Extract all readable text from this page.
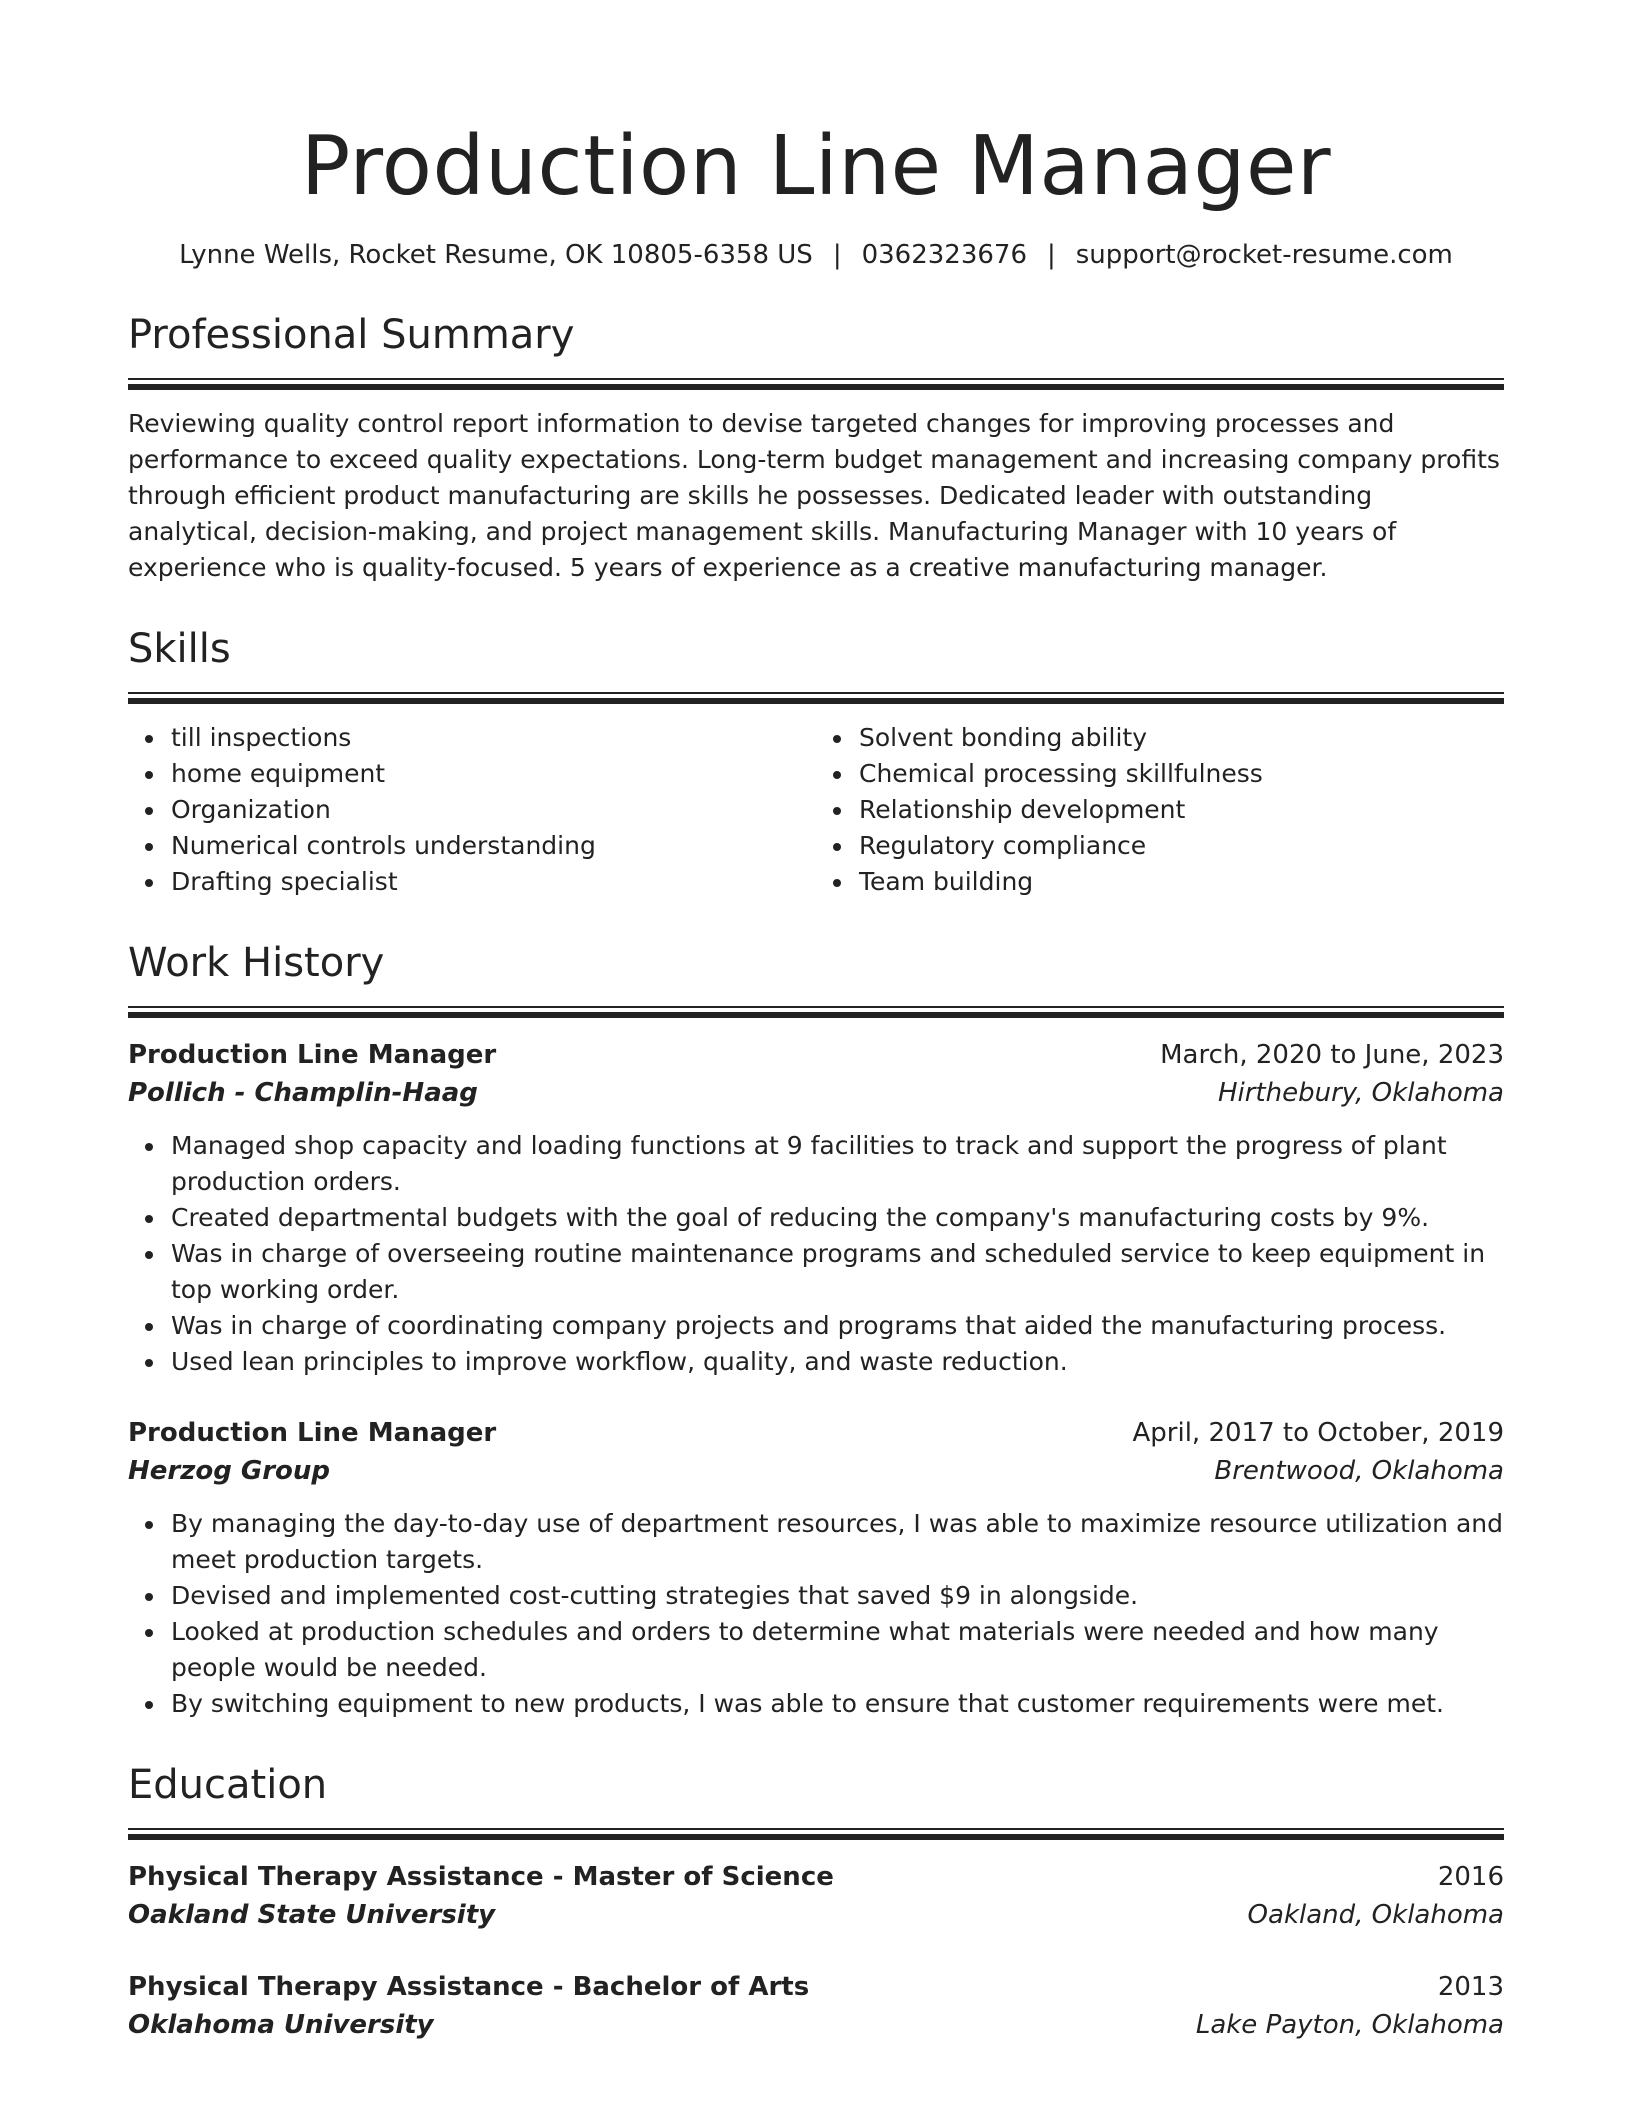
Production Line Manager
Lynne Wells, Rocket Resume, OK 10805-6358 US | 0362323676 | support@rocket-resume.com
Professional Summary
Reviewing quality control report information to devise targeted changes for improving processes and performance to exceed quality expectations. Long-term budget management and increasing company profits through efficient product manufacturing are skills he possesses. Dedicated leader with outstanding analytical, decision-making, and project management skills. Manufacturing Manager with 10 years of experience who is quality-focused. 5 years of experience as a creative manufacturing manager.
Skills
till inspections
home equipment
Organization
Numerical controls understanding
Drafting specialist
Solvent bonding ability
Chemical processing skillfulness
Relationship development
Regulatory compliance
Team building
Work History
Production Line Manager	March, 2020 to June, 2023
Pollich - Champlin-Haag	Hirthebury, Oklahoma
Managed shop capacity and loading functions at 9 facilities to track and support the progress of plant production orders.
Created departmental budgets with the goal of reducing the company's manufacturing costs by 9%.
Was in charge of overseeing routine maintenance programs and scheduled service to keep equipment in top working order.
Was in charge of coordinating company projects and programs that aided the manufacturing process.
Used lean principles to improve workflow, quality, and waste reduction.
Production Line Manager	April, 2017 to October, 2019
Herzog Group	Brentwood, Oklahoma
By managing the day-to-day use of department resources, I was able to maximize resource utilization and meet production targets.
Devised and implemented cost-cutting strategies that saved $9 in alongside.
Looked at production schedules and orders to determine what materials were needed and how many people would be needed.
By switching equipment to new products, I was able to ensure that customer requirements were met.
Education
Physical Therapy Assistance - Master of Science	2016
Oakland State University	Oakland, Oklahoma
Physical Therapy Assistance - Bachelor of Arts	2013
Oklahoma University	Lake Payton, Oklahoma
